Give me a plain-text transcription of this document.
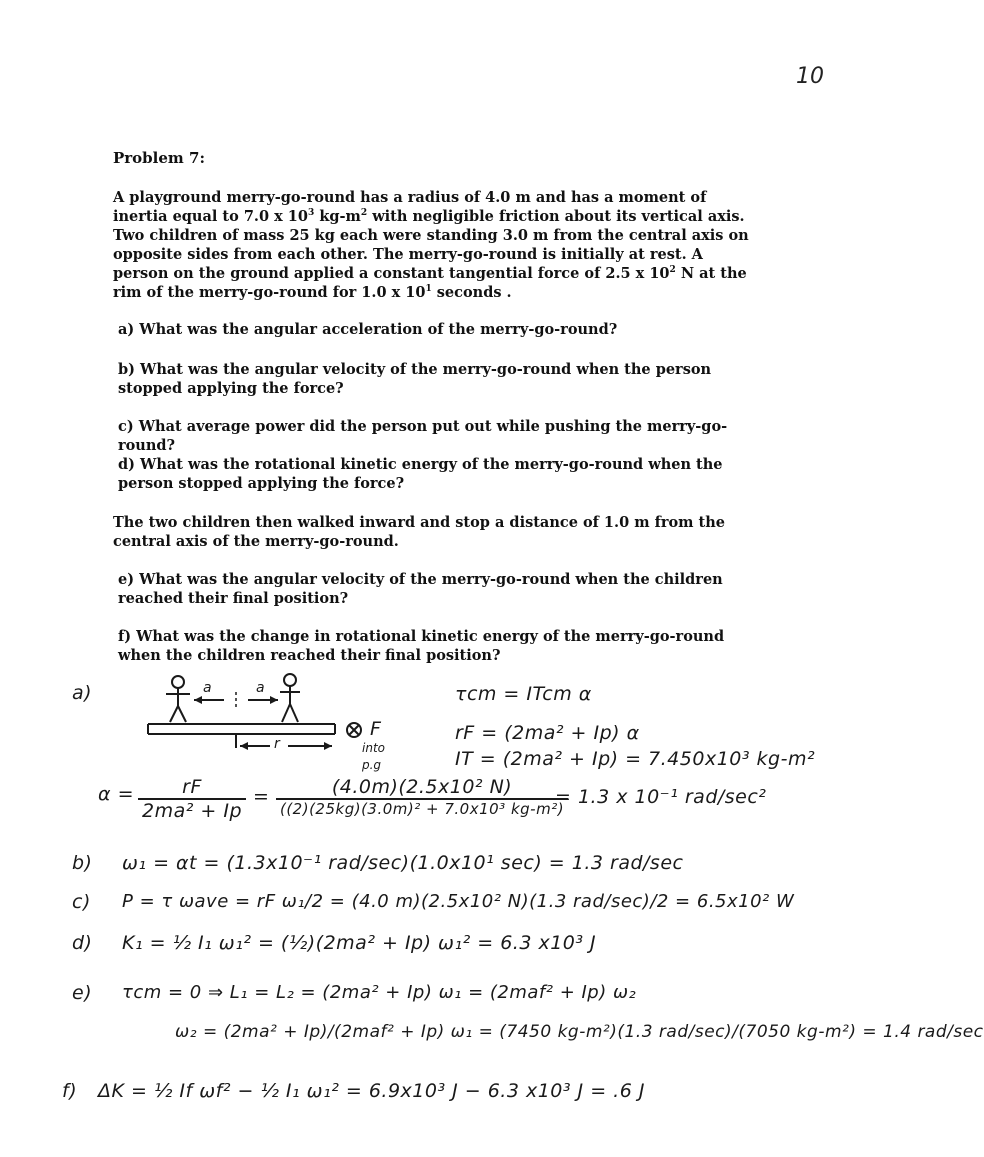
10
Problem 7:
A playground merry-go-round has a radius of 4.0 m and has a moment of inertia equal to 7.0 x $10^3$ $kg-m^2$ with negligible friction about its vertical axis. Two children of mass 25 kg each were standing 3.0 m from the central axis on opposite sides from each other. The merry-go-round is initially at rest. A person on the ground applied a constant tangential force of 2.5 x $10^2$ N at the rim of the merry-go-round for 1.0 x $10^1$ seconds .
a) What was the angular acceleration of the merry-go-round?
b) What was the angular velocity of the merry-go-round when the person stopped applying the force?
c) What average power did the person put out while pushing the merry-go-round?
d) What was the rotational kinetic energy of the merry-go-round when the person stopped applying the force?
The two children then walked inward and stop a distance of 1.0 m from the central axis of the merry-go-round.
e) What was the angular velocity of the merry-go-round when the children reached their final position?
f) What was the change in rotational kinetic energy of the merry-go-round when the children reached their final position?
a)	a	a
r
F
into
p.g
τcm = ITcm α
rF = (2ma² + Ip) α
IT = (2ma² + Ip) = 7.450x10³ kg-m²
$\alpha = \frac{rF}{\text{2ma² + Ip}} = \frac{\text{(4.0m)(2.5x10² N)}}{\text{((2)(25kg)(3.0m)² + 7.0x10³ kg-m²)}}$
= 1.3 x 10⁻¹ rad/sec²
b) ω₁ = αt = (1.3x10⁻¹ rad/sec)(1.0x10¹ sec) = 1.3 rad/sec
c) P = τ ωave = rF ω₁/2 = (4.0 m)(2.5x10² N)(1.3 rad/sec)/2 = 6.5x10² W
d) K₁ = ½ I₁ ω₁² = (½)(2ma² + Ip) ω₁² = 6.3 x10³ J
e) τcm = 0 ⇒ L₁ = L₂ = (2ma² + Ip) ω₁ = (2maf² + Ip) ω₂
ω₂ = (2ma² + Ip)/(2maf² + Ip) ω₁ = (7450 kg-m²)(1.3 rad/sec)/(7050 kg-m²) = 1.4 rad/sec
f) ΔK = ½ If ωf² − ½ I₁ ω₁² = 6.9x10³ J − 6.3 x10³ J = .6 J
